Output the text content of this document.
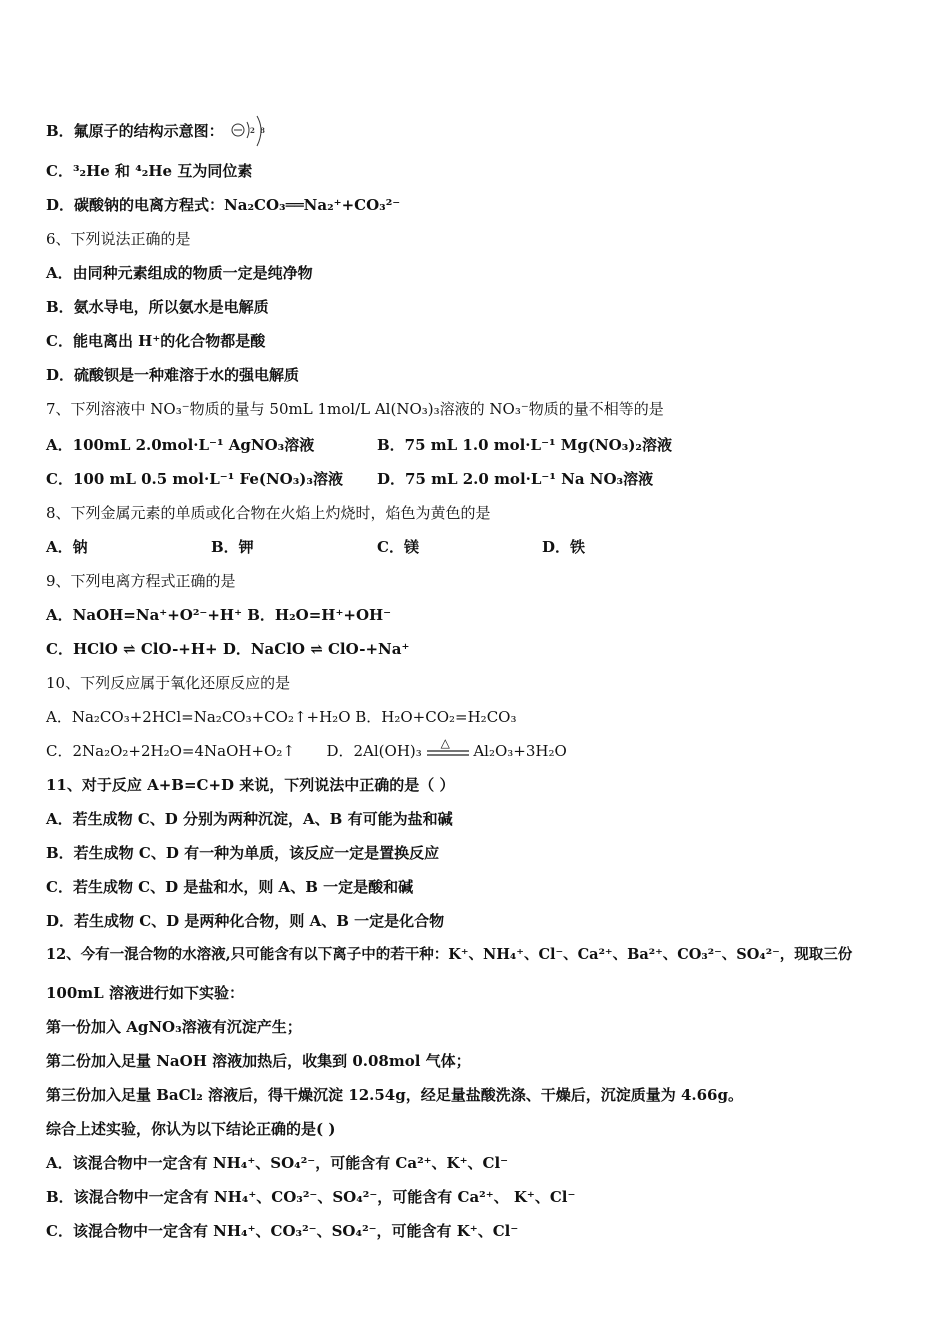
B．氟原子的结构示意图：	2 8
C．³₂He 和 ⁴₂He 互为同位素
D．碳酸钠的电离方程式：Na₂CO₃══Na₂⁺+CO₃²⁻
6、下列说法正确的是
A．由同种元素组成的物质一定是纯净物
B．氨水导电，所以氨水是电解质
C．能电离出 H⁺的化合物都是酸
D．硫酸钡是一种难溶于水的强电解质
7、下列溶液中 NO₃⁻物质的量与 50mL 1mol/L Al(NO₃)₃溶液的 NO₃⁻物质的量不相等的是
A．100mL 2.0mol·L⁻¹ AgNO₃溶液	B．75 mL 1.0 mol·L⁻¹ Mg(NO₃)₂溶液
C．100 mL 0.5 mol·L⁻¹ Fe(NO₃)₃溶液 D．75 mL 2.0 mol·L⁻¹ Na NO₃溶液
8、下列金属元素的单质或化合物在火焰上灼烧时，焰色为黄色的是
A．钠	B．钾	C．镁	D．铁
9、下列电离方程式正确的是
A．NaOH=Na⁺+O²⁻+H⁺ B．H₂O=H⁺+OH⁻
C．HClO ⇌ ClO-+H+ D．NaClO ⇌ ClO-+Na⁺
10、下列反应属于氧化还原反应的是
A．Na₂CO₃+2HCl=Na₂CO₃+CO₂↑+H₂O B．H₂O+CO₂=H₂CO₃
C．2Na₂O₂+2H₂O=4NaOH+O₂↑ D．2Al(OH)₃ △ Al₂O₃+3H₂O
11、对于反应 A+B=C+D 来说，下列说法中正确的是（ ）
A．若生成物 C、D 分别为两种沉淀，A、B 有可能为盐和碱
B．若生成物 C、D 有一种为单质，该反应一定是置换反应
C．若生成物 C、D 是盐和水，则 A、B 一定是酸和碱
D．若生成物 C、D 是两种化合物，则 A、B 一定是化合物
12、今有一混合物的水溶液,只可能含有以下离子中的若干种：K⁺、NH₄⁺、Cl⁻、Ca²⁺、Ba²⁺、CO₃²⁻、SO₄²⁻，现取三份
100mL 溶液进行如下实验：
第一份加入 AgNO₃溶液有沉淀产生；
第二份加入足量 NaOH 溶液加热后，收集到 0.08mol 气体；
第三份加入足量 BaCl₂ 溶液后，得干燥沉淀 12.54g，经足量盐酸洗涤、干燥后，沉淀质量为 4.66g。
综合上述实验，你认为以下结论正确的是( )
A．该混合物中一定含有 NH₄⁺、SO₄²⁻，可能含有 Ca²⁺、K⁺、Cl⁻
B．该混合物中一定含有 NH₄⁺、CO₃²⁻、SO₄²⁻，可能含有 Ca²⁺、 K⁺、Cl⁻
C．该混合物中一定含有 NH₄⁺、CO₃²⁻、SO₄²⁻，可能含有 K⁺、Cl⁻
